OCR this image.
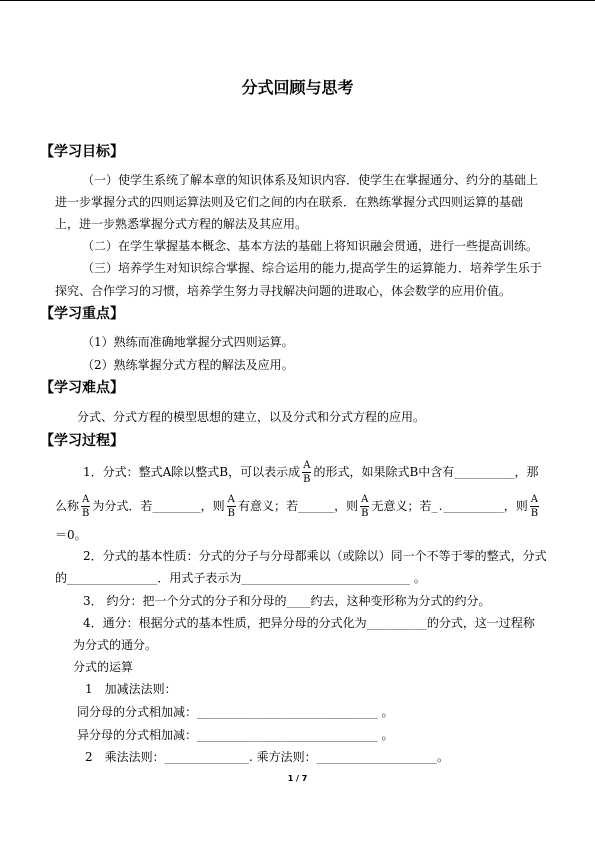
分式回顾与思考
【学习目标】
（一）使学生系统了解本章的知识体系及知识内容．使学生在掌握通分、约分的基础上
进一步掌握分式的四则运算法则及它们之间的内在联系．在熟练掌握分式四则运算的基础
上，进一步熟悉掌握分式方程的解法及其应用。
（二）在学生掌握基本概念、基本方法的基础上将知识融会贯通，进行一些提高训练。
（三）培养学生对知识综合掌握、综合运用的能力,提高学生的运算能力．培养学生乐于
探究、合作学习的习惯，培养学生努力寻找解决问题的进取心，体会数学的应用价值。
【学习重点】
（1）熟练而准确地掌握分式四则运算。
（2）熟练掌握分式方程的解法及应用。
【学习难点】
分式、分式方程的模型思想的建立，以及分式和分式方程的应用。
【学习过程】
1．分式：整式A除以整式B，可以表示成 $\frac{A}{B}$ 的形式，如果除式B中含有__________，那
么称 $\frac{A}{B}$ 为分式．若________，则 $\frac{A}{B}$ 有意义；若______，则 $\frac{A}{B}$ 无意义；若_.__________，则 $\frac{A}{B}$
＝0。
2．分式的基本性质：分式的分子与分母都乘以（或除以）同一个不等于零的整式，分式
的_______________．用式子表示为____________________________ 。
3． 约分：把一个分式的分子和分母的____约去，这种变形称为分式的约分。
4．通分：根据分式的基本性质，把异分母的分式化为__________的分式，这一过程称
为分式的通分。
分式的运算
1　加减法法则：
同分母的分式相加减：______________________________ 。
异分母的分式相加减：______________________________ 。
2　乘法法则：______________. 乘方法则：____________________。
1 / 7
